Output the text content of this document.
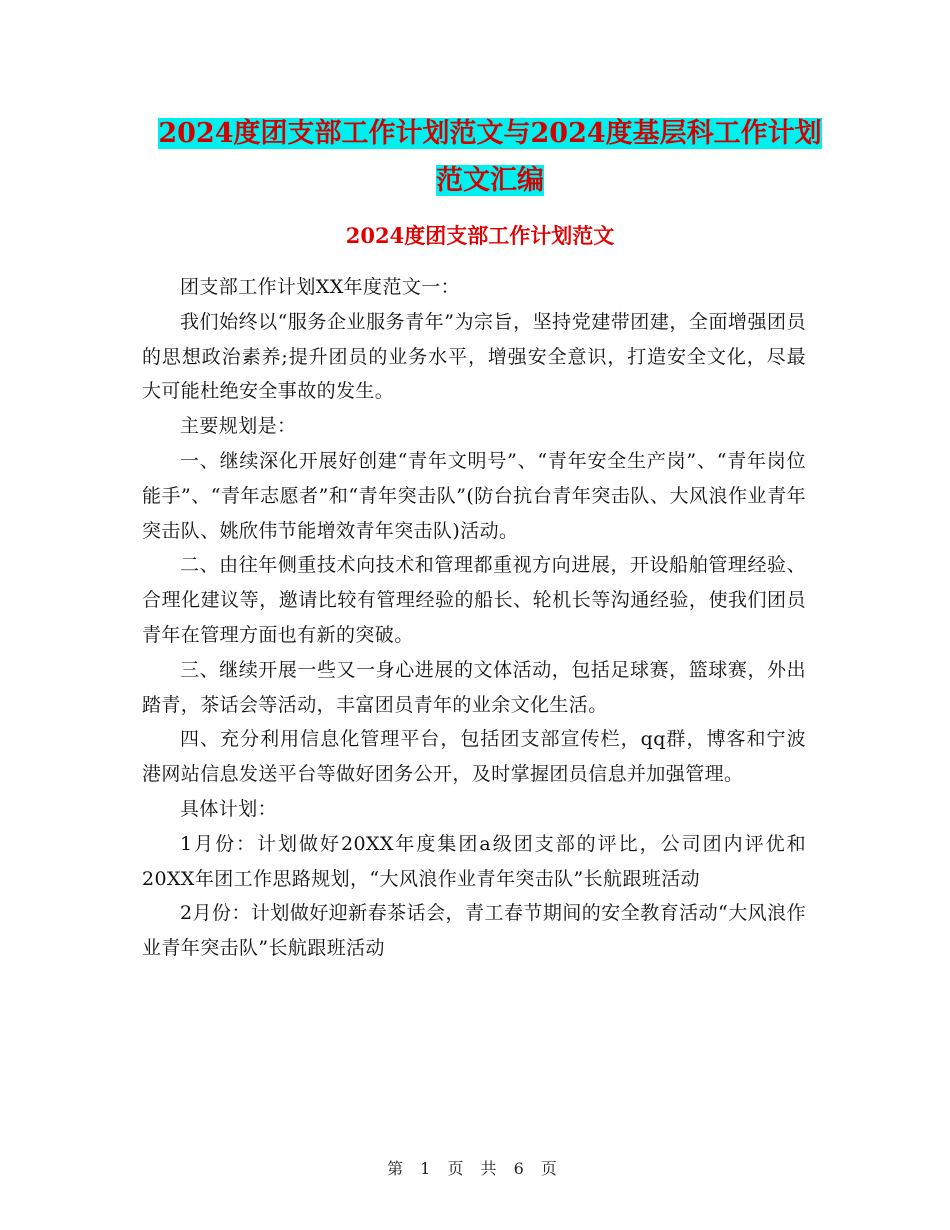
2024度团支部工作计划范文与2024度基层科工作计划
范文汇编
2024度团支部工作计划范文

团支部工作计划XX年度范文一：

我们始终以“服务企业服务青年”为宗旨，坚持党建带团建，全面增强团员的思想政治素养;提升团员的业务水平，增强安全意识，打造安全文化，尽最大可能杜绝安全事故的发生。

主要规划是：

一、继续深化开展好创建“青年文明号”、“青年安全生产岗”、“青年岗位能手”、“青年志愿者”和“青年突击队”(防台抗台青年突击队、大风浪作业青年突击队、姚欣伟节能增效青年突击队)活动。

二、由往年侧重技术向技术和管理都重视方向进展，开设船舶管理经验、合理化建议等，邀请比较有管理经验的船长、轮机长等沟通经验，使我们团员青年在管理方面也有新的突破。

三、继续开展一些又一身心进展的文体活动，包括足球赛，篮球赛，外出踏青，茶话会等活动，丰富团员青年的业余文化生活。

四、充分利用信息化管理平台，包括团支部宣传栏，qq群，博客和宁波港网站信息发送平台等做好团务公开，及时掌握团员信息并加强管理。

具体计划：

1月份：计划做好20XX年度集团a级团支部的评比，公司团内评优和20XX年团工作思路规划，“大风浪作业青年突击队”长航跟班活动

2月份：计划做好迎新春茶话会，青工春节期间的安全教育活动“大风浪作业青年突击队”长航跟班活动

第 1 页 共 6 页
